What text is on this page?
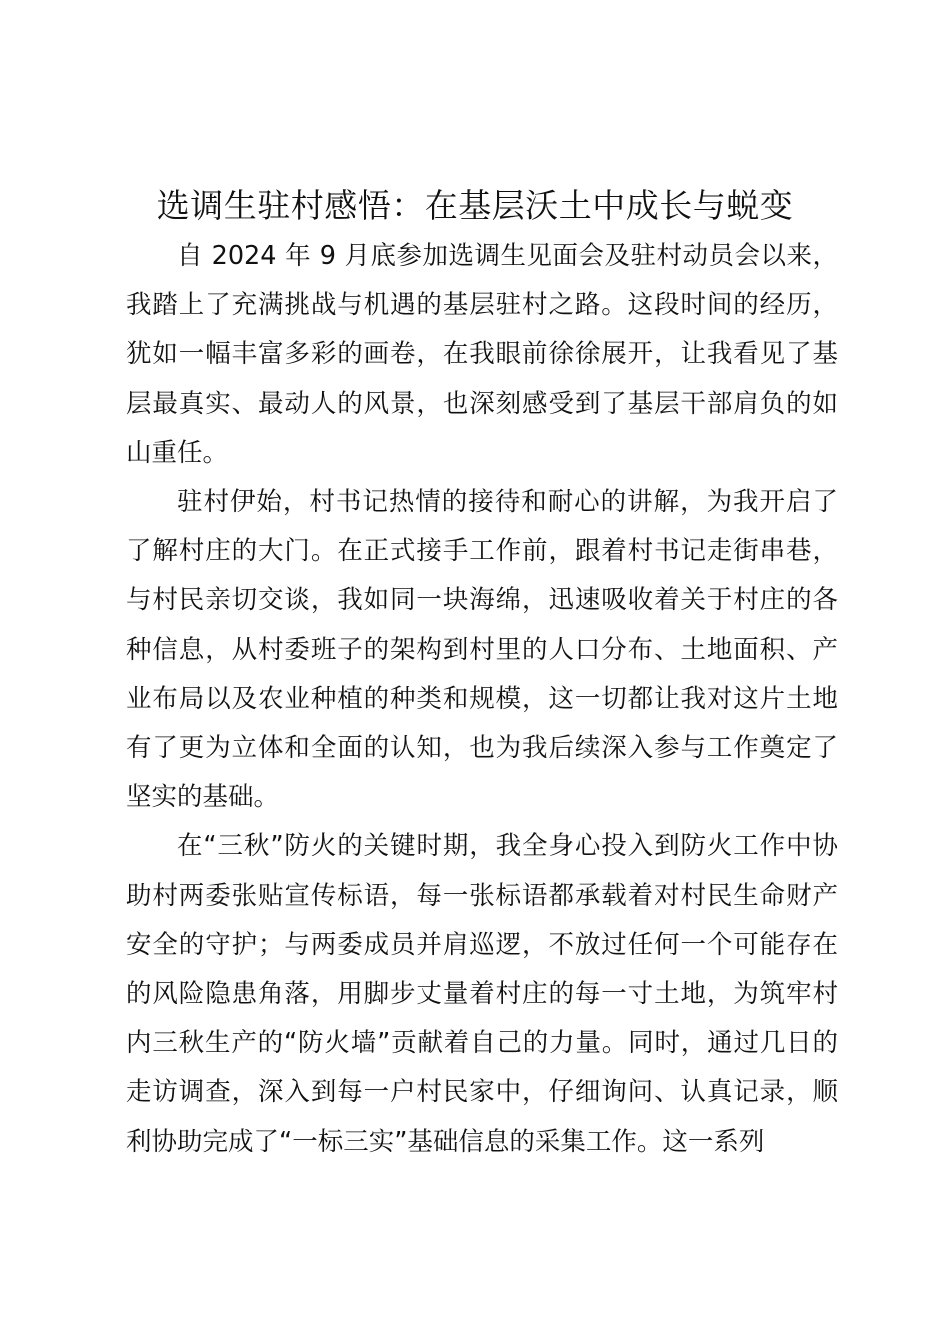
选调生驻村感悟：在基层沃土中成长与蜕变

自 2024 年 9 月底参加选调生见面会及驻村动员会以来，我踏上了充满挑战与机遇的基层驻村之路。这段时间的经历，犹如一幅丰富多彩的画卷，在我眼前徐徐展开，让我看见了基层最真实、最动人的风景，也深刻感受到了基层干部肩负的如山重任。

驻村伊始，村书记热情的接待和耐心的讲解，为我开启了了解村庄的大门。在正式接手工作前，跟着村书记走街串巷，与村民亲切交谈，我如同一块海绵，迅速吸收着关于村庄的各种信息，从村委班子的架构到村里的人口分布、土地面积、产业布局以及农业种植的种类和规模，这一切都让我对这片土地有了更为立体和全面的认知，也为我后续深入参与工作奠定了坚实的基础。

在“三秋”防火的关键时期，我全身心投入到防火工作中协助村两委张贴宣传标语，每一张标语都承载着对村民生命财产安全的守护；与两委成员并肩巡逻，不放过任何一个可能存在的风险隐患角落，用脚步丈量着村庄的每一寸土地，为筑牢村内三秋生产的“防火墙”贡献着自己的力量。同时，通过几日的走访调查，深入到每一户村民家中，仔细询问、认真记录，顺利协助完成了“一标三实”基础信息的采集工作。这一系列
